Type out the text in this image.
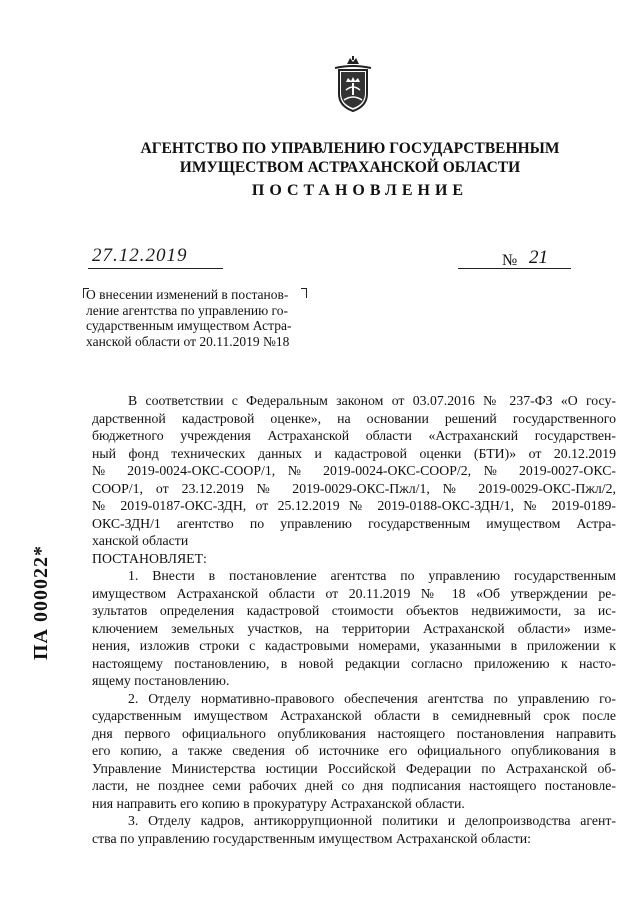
АГЕНТСТВО ПО УПРАВЛЕНИЮ ГОСУДАРСТВЕННЫМ
ИМУЩЕСТВОМ АСТРАХАНСКОЙ ОБЛАСТИ
ПОСТАНОВЛЕНИЕ
27.12.2019	№ 21
О внесении изменений в постанов-
ление агентства по управлению го-
сударственным имуществом Астра-
ханской области от 20.11.2019 №18
В соответствии с Федеральным законом от 03.07.2016 № 237-ФЗ «О госу-
дарственной кадастровой оценке», на основании решений государственного
бюджетного учреждения Астраханской области «Астраханский государствен-
ный фонд технических данных и кадастровой оценки (БТИ)» от 20.12.2019
№ 2019-0024-ОКС-СООР/1, № 2019-0024-ОКС-СООР/2, № 2019-0027-ОКС-
СООР/1, от 23.12.2019 № 2019-0029-ОКС-Пжл/1, № 2019-0029-ОКС-Пжл/2,
№ 2019-0187-ОКС-ЗДН, от 25.12.2019 № 2019-0188-ОКС-ЗДН/1, № 2019-0189-
ОКС-ЗДН/1 агентство по управлению государственным имуществом Астра-
ханской области
ПОСТАНОВЛЯЕТ:
1. Внести в постановление агентства по управлению государственным
имуществом Астраханской области от 20.11.2019 № 18 «Об утверждении ре-
зультатов определения кадастровой стоимости объектов недвижимости, за ис-
ключением земельных участков, на территории Астраханской области» изме-
нения, изложив строки с кадастровыми номерами, указанными в приложении к
настоящему постановлению, в новой редакции согласно приложению к насто-
ящему постановлению.
2. Отделу нормативно-правового обеспечения агентства по управлению го-
сударственным имуществом Астраханской области в семидневный срок после
дня первого официального опубликования настоящего постановления направить
его копию, а также сведения об источнике его официального опубликования в
Управление Министерства юстиции Российской Федерации по Астраханской об-
ласти, не позднее семи рабочих дней со дня подписания настоящего постановле-
ния направить его копию в прокуратуру Астраханской области.
3. Отделу кадров, антикоррупционной политики и делопроизводства агент-
ства по управлению государственным имуществом Астраханской области:
ПА 000022*
